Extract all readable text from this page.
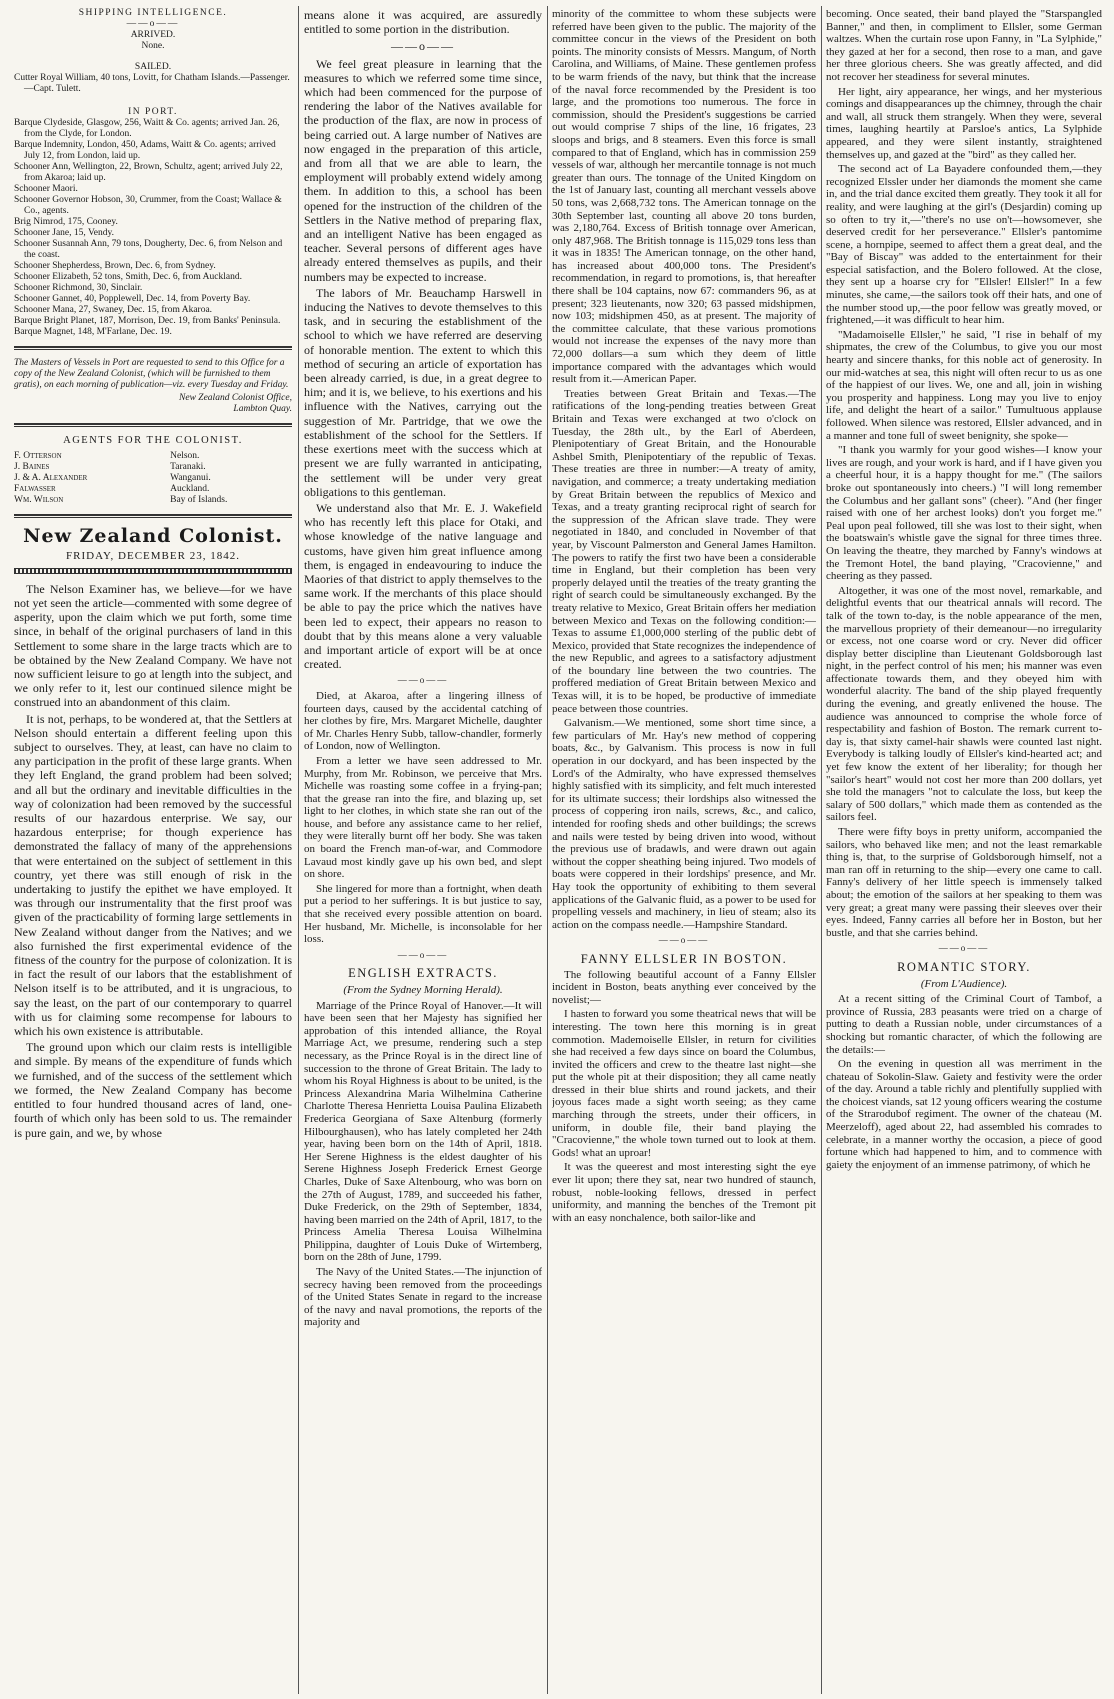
SHIPPING INTELLIGENCE.

——o——

ARRIVED.

None.

SAILED.

Cutter Royal William, 40 tons, Lovitt, for Chatham Islands.—Passenger.—Capt. Tulett.

IN PORT.

Barque Clydeside, Glasgow, 256, Waitt & Co. agents; arrived Jan. 26, from the Clyde, for London.

Barque Indemnity, London, 450, Adams, Waitt & Co. agents; arrived July 12, from London, laid up.

Schooner Ann, Wellington, 22, Brown, Schultz, agent; arrived July 22, from Akaroa; laid up.

Schooner Maori.

Schooner Governor Hobson, 30, Crummer, from the Coast; Wallace & Co., agents.

Brig Nimrod, 175, Cooney.

Schooner Jane, 15, Vendy.

Schooner Susannah Ann, 79 tons, Dougherty, Dec. 6, from Nelson and the coast.

Schooner Shepherdess, Brown, Dec. 6, from Sydney.

Schooner Elizabeth, 52 tons, Smith, Dec. 6, from Auckland.

Schooner Richmond, 30, Sinclair.

Schooner Gannet, 40, Popplewell, Dec. 14, from Poverty Bay.

Schooner Mana, 27, Swaney, Dec. 15, from Akaroa.

Barque Bright Planet, 187, Morrison, Dec. 19, from Banks' Peninsula.

Barque Magnet, 148, M'Farlane, Dec. 19.

The Masters of Vessels in Port are requested to send to this Office for a copy of the New Zealand Colonist, (which will be furnished to them gratis), on each morning of publication—viz. every Tuesday and Friday.

New Zealand Colonist Office,

Lambton Quay.

AGENTS FOR THE COLONIST.

F. Otterson	Nelson.
J. Baines	Taranaki.
J. & A. Alexander	Wanganui.
Falwasser	Auckland.
Wm. Wilson	Bay of Islands.
New Zealand Colonist.
FRIDAY, DECEMBER 23, 1842.

The Nelson Examiner has, we believe—for we have not yet seen the article—commented with some degree of asperity, upon the claim which we put forth, some time since, in behalf of the original purchasers of land in this Settlement to some share in the large tracts which are to be obtained by the New Zealand Company. We have not now sufficient leisure to go at length into the subject, and we only refer to it, lest our continued silence might be construed into an abandonment of this claim.

It is not, perhaps, to be wondered at, that the Settlers at Nelson should entertain a different feeling upon this subject to ourselves. They, at least, can have no claim to any participation in the profit of these large grants. When they left England, the grand problem had been solved; and all but the ordinary and inevitable difficulties in the way of colonization had been removed by the successful results of our hazardous enterprise. We say, our hazardous enterprise; for though experience has demonstrated the fallacy of many of the apprehensions that were entertained on the subject of settlement in this country, yet there was still enough of risk in the undertaking to justify the epithet we have employed. It was through our instrumentality that the first proof was given of the practicability of forming large settlements in New Zealand without danger from the Natives; and we also furnished the first experimental evidence of the fitness of the country for the purpose of colonization. It is in fact the result of our labors that the establishment of Nelson itself is to be attributed, and it is ungracious, to say the least, on the part of our contemporary to quarrel with us for claiming some recompense for labours to which his own existence is attributable.

The ground upon which our claim rests is intelligible and simple. By means of the expenditure of funds which we furnished, and of the success of the settlement which we formed, the New Zealand Company has become entitled to four hundred thousand acres of land, one-fourth of which only has been sold to us. The remainder is pure gain, and we, by whose

means alone it was acquired, are assuredly entitled to some portion in the distribution.

——o——

We feel great pleasure in learning that the measures to which we referred some time since, which had been commenced for the purpose of rendering the labor of the Natives available for the production of the flax, are now in process of being carried out. A large number of Natives are now engaged in the preparation of this article, and from all that we are able to learn, the employment will probably extend widely among them. In addition to this, a school has been opened for the instruction of the children of the Settlers in the Native method of preparing flax, and an intelligent Native has been engaged as teacher. Several persons of different ages have already entered themselves as pupils, and their numbers may be expected to increase.

The labors of Mr. Beauchamp Harswell in inducing the Natives to devote themselves to this task, and in securing the establishment of the school to which we have referred are deserving of honorable mention. The extent to which this method of securing an article of exportation has been already carried, is due, in a great degree to him; and it is, we believe, to his exertions and his influence with the Natives, carrying out the suggestion of Mr. Partridge, that we owe the establishment of the school for the Settlers. If these exertions meet with the success which at present we are fully warranted in anticipating, the settlement will be under very great obligations to this gentleman.

We understand also that Mr. E. J. Wakefield who has recently left this place for Otaki, and whose knowledge of the native language and customs, have given him great influence among them, is engaged in endeavouring to induce the Maories of that district to apply themselves to the same work. If the merchants of this place should be able to pay the price which the natives have been led to expect, their appears no reason to doubt that by this means alone a very valuable and important article of export will be at once created.

——o——

Died, at Akaroa, after a lingering illness of fourteen days, caused by the accidental catching of her clothes by fire, Mrs. Margaret Michelle, daughter of Mr. Charles Henry Subb, tallow-chandler, formerly of London, now of Wellington.

From a letter we have seen addressed to Mr. Murphy, from Mr. Robinson, we perceive that Mrs. Michelle was roasting some coffee in a frying-pan; that the grease ran into the fire, and blazing up, set light to her clothes, in which state she ran out of the house, and before any assistance came to her relief, they were literally burnt off her body. She was taken on board the French man-of-war, and Commodore Lavaud most kindly gave up his own bed, and slept on shore.

She lingered for more than a fortnight, when death put a period to her sufferings. It is but justice to say, that she received every possible attention on board. Her husband, Mr. Michelle, is inconsolable for her loss.

——o——

ENGLISH EXTRACTS.

(From the Sydney Morning Herald).

Marriage of the Prince Royal of Hanover.—It will have been seen that her Majesty has signified her approbation of this intended alliance, the Royal Marriage Act, we presume, rendering such a step necessary, as the Prince Royal is in the direct line of succession to the throne of Great Britain. The lady to whom his Royal Highness is about to be united, is the Princess Alexandrina Maria Wilhelmina Catherine Charlotte Theresa Henrietta Louisa Paulina Elizabeth Frederica Georgiana of Saxe Altenburg (formerly Hilbourghausen), who has lately completed her 24th year, having been born on the 14th of April, 1818. Her Serene Highness is the eldest daughter of his Serene Highness Joseph Frederick Ernest George Charles, Duke of Saxe Altenbourg, who was born on the 27th of August, 1789, and succeeded his father, Duke Frederick, on the 29th of September, 1834, having been married on the 24th of April, 1817, to the Princess Amelia Theresa Louisa Wilhelmina Philippina, daughter of Louis Duke of Wirtemberg, born on the 28th of June, 1799.

The Navy of the United States.—The injunction of secrecy having been removed from the proceedings of the United States Senate in regard to the increase of the navy and naval promotions, the reports of the majority and

minority of the committee to whom these subjects were referred have been given to the public. The majority of the committee concur in the views of the President on both points. The minority consists of Messrs. Mangum, of North Carolina, and Williams, of Maine. These gentlemen profess to be warm friends of the navy, but think that the increase of the naval force recommended by the President is too large, and the promotions too numerous. The force in commission, should the President's suggestions be carried out would comprise 7 ships of the line, 16 frigates, 23 sloops and brigs, and 8 steamers. Even this force is small compared to that of England, which has in commission 259 vessels of war, although her mercantile tonnage is not much greater than ours. The tonnage of the United Kingdom on the 1st of January last, counting all merchant vessels above 50 tons, was 2,668,732 tons. The American tonnage on the 30th September last, counting all above 20 tons burden, was 2,180,764. Excess of British tonnage over American, only 487,968. The British tonnage is 115,029 tons less than it was in 1835! The American tonnage, on the other hand, has increased about 400,000 tons. The President's recommendation, in regard to promotions, is, that hereafter there shall be 104 captains, now 67: commanders 96, as at present; 323 lieutenants, now 320; 63 passed midshipmen, now 103; midshipmen 450, as at present. The majority of the committee calculate, that these various promotions would not increase the expenses of the navy more than 72,000 dollars—a sum which they deem of little importance compared with the advantages which would result from it.—American Paper.

Treaties between Great Britain and Texas.—The ratifications of the long-pending treaties between Great Britain and Texas were exchanged at two o'clock on Tuesday, the 28th ult., by the Earl of Aberdeen, Plenipotentiary of Great Britain, and the Honourable Ashbel Smith, Plenipotentiary of the republic of Texas. These treaties are three in number:—A treaty of amity, navigation, and commerce; a treaty undertaking mediation by Great Britain between the republics of Mexico and Texas, and a treaty granting reciprocal right of search for the suppression of the African slave trade. They were negotiated in 1840, and concluded in November of that year, by Viscount Palmerston and General James Hamilton. The powers to ratify the first two have been a considerable time in England, but their completion has been very properly delayed until the treaties of the treaty granting the right of search could be simultaneously exchanged. By the treaty relative to Mexico, Great Britain offers her mediation between Mexico and Texas on the following condition:—Texas to assume £1,000,000 sterling of the public debt of Mexico, provided that State recognizes the independence of the new Republic, and agrees to a satisfactory adjustment of the boundary line between the two countries. The proffered mediation of Great Britain between Mexico and Texas will, it is to be hoped, be productive of immediate peace between those countries.

Galvanism.—We mentioned, some short time since, a few particulars of Mr. Hay's new method of coppering boats, &c., by Galvanism. This process is now in full operation in our dockyard, and has been inspected by the Lord's of the Admiralty, who have expressed themselves highly satisfied with its simplicity, and felt much interested for its ultimate success; their lordships also witnessed the process of coppering iron nails, screws, &c., and calico, intended for roofing sheds and other buildings; the screws and nails were tested by being driven into wood, without the previous use of bradawls, and were drawn out again without the copper sheathing being injured. Two models of boats were coppered in their lordships' presence, and Mr. Hay took the opportunity of exhibiting to them several applications of the Galvanic fluid, as a power to be used for propelling vessels and machinery, in lieu of steam; also its action on the compass needle.—Hampshire Standard.

——o——

FANNY ELLSLER IN BOSTON.

The following beautiful account of a Fanny Ellsler incident in Boston, beats anything ever conceived by the novelist;—

I hasten to forward you some theatrical news that will be interesting. The town here this morning is in great commotion. Mademoiselle Ellsler, in return for civilities she had received a few days since on board the Columbus, invited the officers and crew to the theatre last night—she put the whole pit at their disposition; they all came neatly dressed in their blue shirts and round jackets, and their joyous faces made a sight worth seeing; as they came marching through the streets, under their officers, in uniform, in double file, their band playing the "Cracovienne," the whole town turned out to look at them. Gods! what an uproar!

It was the queerest and most interesting sight the eye ever lit upon; there they sat, near two hundred of staunch, robust, noble-looking fellows, dressed in perfect uniformity, and manning the benches of the Tremont pit with an easy nonchalence, both sailor-like and

becoming. Once seated, their band played the "Starspangled Banner," and then, in compliment to Ellsler, some German waltzes. When the curtain rose upon Fanny, in "La Sylphide," they gazed at her for a second, then rose to a man, and gave her three glorious cheers. She was greatly affected, and did not recover her steadiness for several minutes.

Her light, airy appearance, her wings, and her mysterious comings and disappearances up the chimney, through the chair and wall, all struck them strangely. When they were, several times, laughing heartily at Parsloe's antics, La Sylphide appeared, and they were silent instantly, straightened themselves up, and gazed at the "bird" as they called her.

The second act of La Bayadere confounded them,—they recognized Elssler under her diamonds the moment she came in, and the trial dance excited them greatly. They took it all for reality, and were laughing at the girl's (Desjardin) coming up so often to try it,—"there's no use on't—howsomever, she deserved credit for her perseverance." Ellsler's pantomime scene, a hornpipe, seemed to affect them a great deal, and the "Bay of Biscay" was added to the entertainment for their especial satisfaction, and the Bolero followed. At the close, they sent up a hoarse cry for "Ellsler! Ellsler!" In a few minutes, she came,—the sailors took off their hats, and one of the number stood up,—the poor fellow was greatly moved, or frightened,—it was difficult to hear him.

"Madamoiselle Ellsler," he said, "I rise in behalf of my shipmates, the crew of the Columbus, to give you our most hearty and sincere thanks, for this noble act of generosity. In our mid-watches at sea, this night will often recur to us as one of the happiest of our lives. We, one and all, join in wishing you prosperity and happiness. Long may you live to enjoy life, and delight the heart of a sailor." Tumultuous applause followed. When silence was restored, Ellsler advanced, and in a manner and tone full of sweet benignity, she spoke—

"I thank you warmly for your good wishes—I know your lives are rough, and your work is hard, and if I have given you a cheerful hour, it is a happy thought for me." (The sailors broke out spontaneously into cheers.) "I will long remember the Columbus and her gallant sons" (cheer). "And (her finger raised with one of her archest looks) don't you forget me." Peal upon peal followed, till she was lost to their sight, when the boatswain's whistle gave the signal for three times three. On leaving the theatre, they marched by Fanny's windows at the Tremont Hotel, the band playing, "Cracovienne," and cheering as they passed.

Altogether, it was one of the most novel, remarkable, and delightful events that our theatrical annals will record. The talk of the town to-day, is the noble appearance of the men, the marvellous propriety of their demeanour—no irregularity or excess, not one coarse word or cry. Never did officer display better discipline than Lieutenant Goldsborough last night, in the perfect control of his men; his manner was even affectionate towards them, and they obeyed him with wonderful alacrity. The band of the ship played frequently during the evening, and greatly enlivened the house. The audience was announced to comprise the whole force of respectability and fashion of Boston. The remark current to-day is, that sixty camel-hair shawls were counted last night. Everybody is talking loudly of Ellsler's kind-hearted act; and yet few know the extent of her liberality; for though her "sailor's heart" would not cost her more than 200 dollars, yet she told the managers "not to calculate the loss, but keep the salary of 500 dollars," which made them as contended as the sailors feel.

There were fifty boys in pretty uniform, accompanied the sailors, who behaved like men; and not the least remarkable thing is, that, to the surprise of Goldsborough himself, not a man ran off in returning to the ship—every one came to call. Fanny's delivery of her little speech is immensely talked about; the emotion of the sailors at her speaking to them was very great; a great many were passing their sleeves over their eyes. Indeed, Fanny carries all before her in Boston, but her bustle, and that she carries behind.

——o——

ROMANTIC STORY.

(From L'Audience).

At a recent sitting of the Criminal Court of Tambof, a province of Russia, 283 peasants were tried on a charge of putting to death a Russian noble, under circumstances of a shocking but romantic character, of which the following are the details:—

On the evening in question all was merriment in the chateau of Sokolin-Slaw. Gaiety and festivity were the order of the day. Around a table richly and plentifully supplied with the choicest viands, sat 12 young officers wearing the costume of the Strarodubof regiment. The owner of the chateau (M. Meerzeloff), aged about 22, had assembled his comrades to celebrate, in a manner worthy the occasion, a piece of good fortune which had happened to him, and to commence with gaiety the enjoyment of an immense patrimony, of which he
